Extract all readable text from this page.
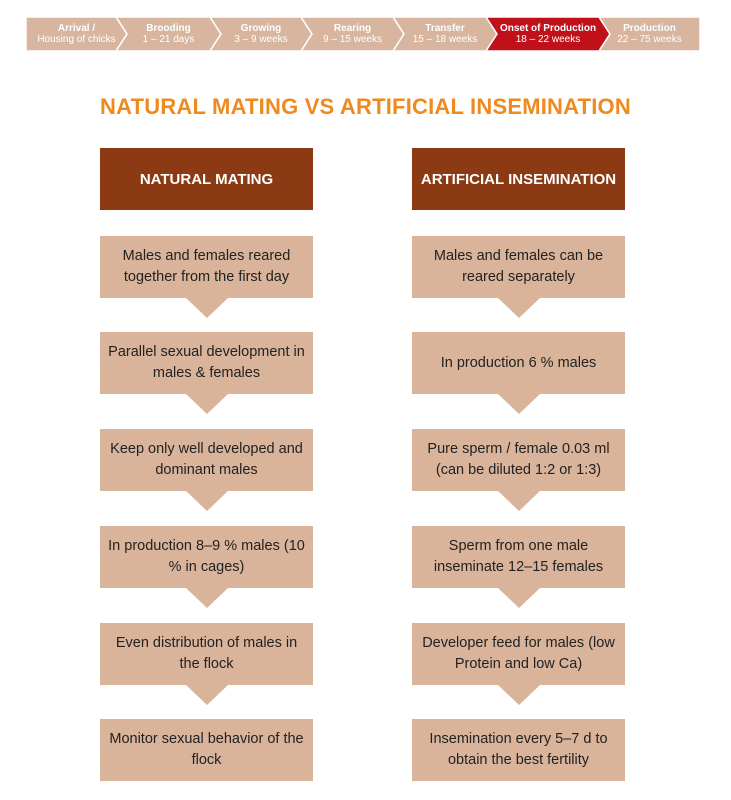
Arrival /
Housing of chicks
Brooding
1 – 21 days
Growing
3 – 9 weeks
Rearing
9 – 15 weeks
Transfer
15 – 18 weeks
Onset of Production
18 – 22 weeks
Production
22 – 75 weeks
NATURAL MATING VS ARTIFICIAL INSEMINATION
NATURAL MATING
Males and females reared together from the first day
Parallel sexual development in males & females
Keep only well developed and dominant males
In production 8–9 % males (10 % in cages)
Even distribution of males in the flock
Monitor sexual behavior of the flock
ARTIFICIAL INSEMINATION
Males and females can be reared separately
In production 6 % males
Pure sperm / female 0.03 ml (can be diluted 1:2 or 1:3)
Sperm from one male inseminate 12–15 females
Developer feed for males (low Protein and low Ca)
Insemination every 5–7 d to obtain the best fertility
